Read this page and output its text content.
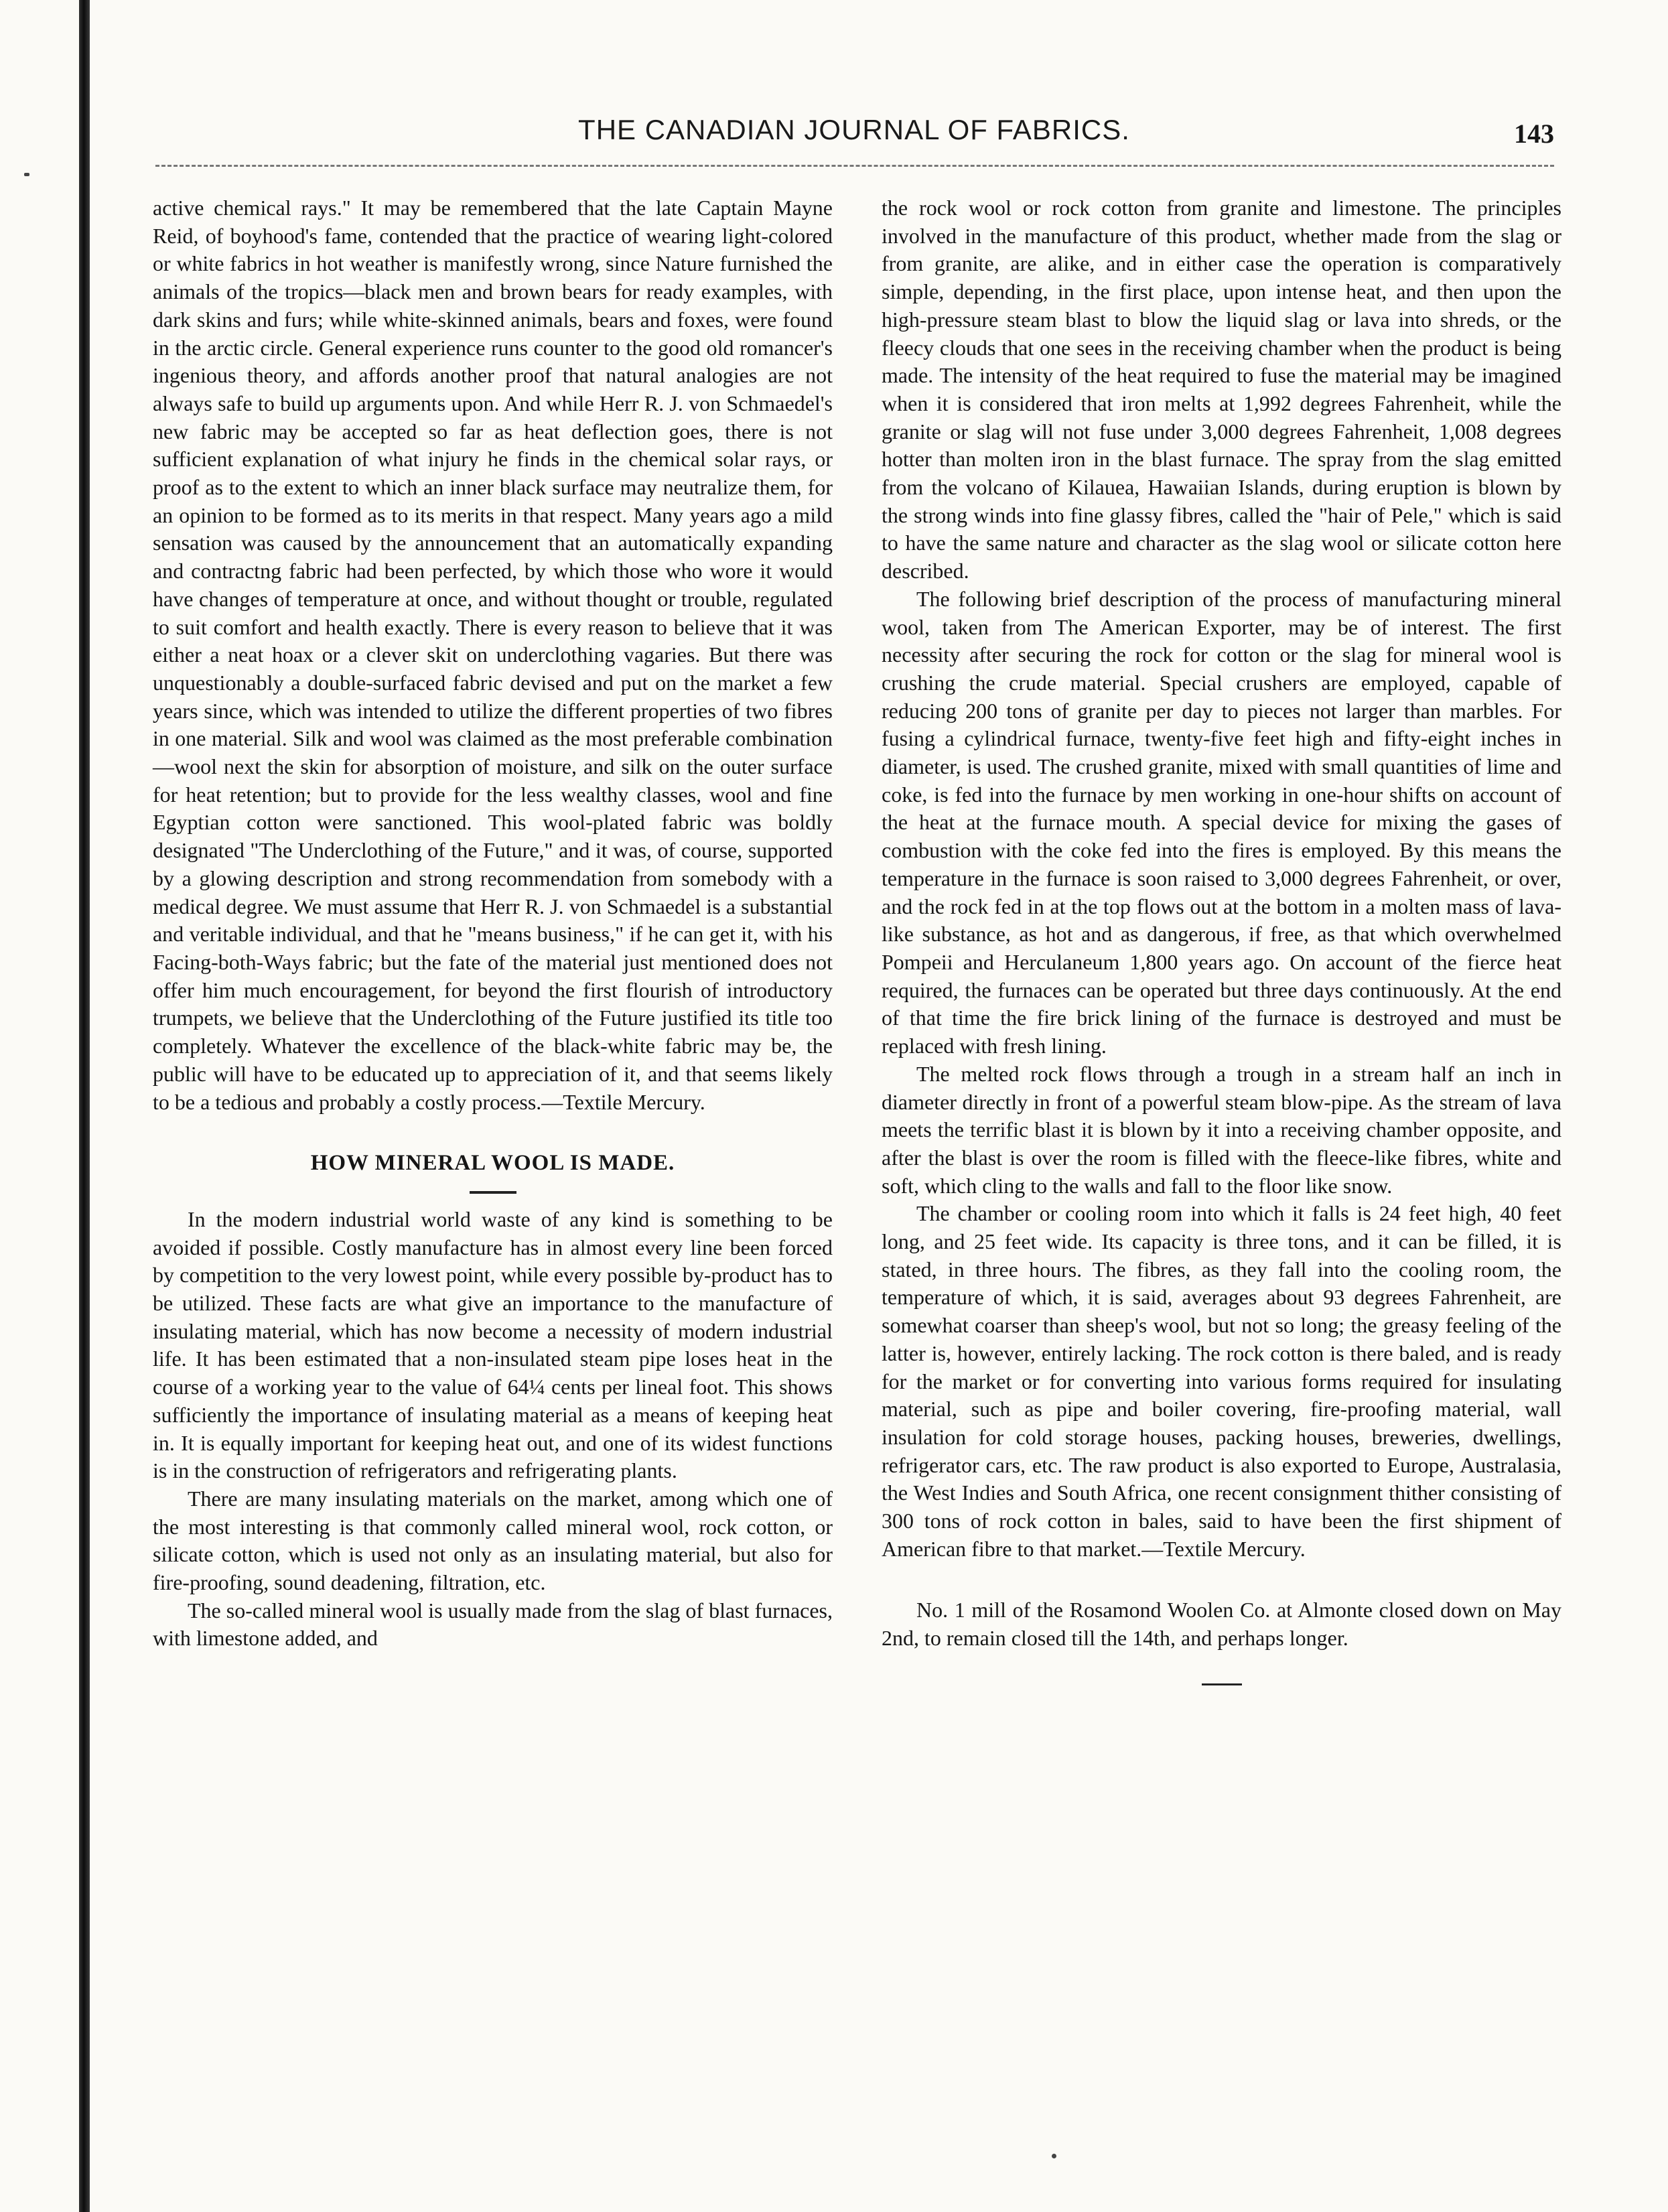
THE CANADIAN JOURNAL OF FABRICS.	143

active chemical rays." It may be remembered that the late Captain Mayne Reid, of boyhood's fame, contended that the practice of wearing light-colored or white fabrics in hot weather is manifestly wrong, since Nature furnished the animals of the tropics—black men and brown bears for ready examples, with dark skins and furs; while white-skinned animals, bears and foxes, were found in the arctic circle. General experience runs counter to the good old romancer's ingenious theory, and affords another proof that natural analogies are not always safe to build up arguments upon. And while Herr R. J. von Schmaedel's new fabric may be accepted so far as heat deflection goes, there is not sufficient explanation of what injury he finds in the chemical solar rays, or proof as to the extent to which an inner black surface may neutralize them, for an opinion to be formed as to its merits in that respect. Many years ago a mild sensation was caused by the announcement that an automatically expanding and contractng fabric had been perfected, by which those who wore it would have changes of temperature at once, and without thought or trouble, regulated to suit comfort and health exactly. There is every reason to believe that it was either a neat hoax or a clever skit on underclothing vagaries. But there was unquestionably a double-surfaced fabric devised and put on the market a few years since, which was intended to utilize the different properties of two fibres in one material. Silk and wool was claimed as the most preferable combination—wool next the skin for absorption of moisture, and silk on the outer surface for heat retention; but to provide for the less wealthy classes, wool and fine Egyptian cotton were sanctioned. This wool-plated fabric was boldly designated "The Underclothing of the Future," and it was, of course, supported by a glowing description and strong recommendation from somebody with a medical degree. We must assume that Herr R. J. von Schmaedel is a substantial and veritable individual, and that he "means business," if he can get it, with his Facing-both-Ways fabric; but the fate of the material just mentioned does not offer him much encouragement, for beyond the first flourish of introductory trumpets, we believe that the Underclothing of the Future justified its title too completely. Whatever the excellence of the black-white fabric may be, the public will have to be educated up to appreciation of it, and that seems likely to be a tedious and probably a costly process.—Textile Mercury.

HOW MINERAL WOOL IS MADE.

In the modern industrial world waste of any kind is something to be avoided if possible. Costly manufacture has in almost every line been forced by competition to the very lowest point, while every possible by-product has to be utilized. These facts are what give an importance to the manufacture of insulating material, which has now become a necessity of modern industrial life. It has been estimated that a non-insulated steam pipe loses heat in the course of a working year to the value of 64¼ cents per lineal foot. This shows sufficiently the importance of insulating material as a means of keeping heat in. It is equally important for keeping heat out, and one of its widest functions is in the construction of refrigerators and refrigerating plants.

There are many insulating materials on the market, among which one of the most interesting is that commonly called mineral wool, rock cotton, or silicate cotton, which is used not only as an insulating material, but also for fire-proofing, sound deadening, filtration, etc.

The so-called mineral wool is usually made from the slag of blast furnaces, with limestone added, and

the rock wool or rock cotton from granite and limestone. The principles involved in the manufacture of this product, whether made from the slag or from granite, are alike, and in either case the operation is comparatively simple, depending, in the first place, upon intense heat, and then upon the high-pressure steam blast to blow the liquid slag or lava into shreds, or the fleecy clouds that one sees in the receiving chamber when the product is being made. The intensity of the heat required to fuse the material may be imagined when it is considered that iron melts at 1,992 degrees Fahrenheit, while the granite or slag will not fuse under 3,000 degrees Fahrenheit, 1,008 degrees hotter than molten iron in the blast furnace. The spray from the slag emitted from the volcano of Kilauea, Hawaiian Islands, during eruption is blown by the strong winds into fine glassy fibres, called the "hair of Pele," which is said to have the same nature and character as the slag wool or silicate cotton here described.

The following brief description of the process of manufacturing mineral wool, taken from The American Exporter, may be of interest. The first necessity after securing the rock for cotton or the slag for mineral wool is crushing the crude material. Special crushers are employed, capable of reducing 200 tons of granite per day to pieces not larger than marbles. For fusing a cylindrical furnace, twenty-five feet high and fifty-eight inches in diameter, is used. The crushed granite, mixed with small quantities of lime and coke, is fed into the furnace by men working in one-hour shifts on account of the heat at the furnace mouth. A special device for mixing the gases of combustion with the coke fed into the fires is employed. By this means the temperature in the furnace is soon raised to 3,000 degrees Fahrenheit, or over, and the rock fed in at the top flows out at the bottom in a molten mass of lava-like substance, as hot and as dangerous, if free, as that which overwhelmed Pompeii and Herculaneum 1,800 years ago. On account of the fierce heat required, the furnaces can be operated but three days continuously. At the end of that time the fire brick lining of the furnace is destroyed and must be replaced with fresh lining.

The melted rock flows through a trough in a stream half an inch in diameter directly in front of a powerful steam blow-pipe. As the stream of lava meets the terrific blast it is blown by it into a receiving chamber opposite, and after the blast is over the room is filled with the fleece-like fibres, white and soft, which cling to the walls and fall to the floor like snow.

The chamber or cooling room into which it falls is 24 feet high, 40 feet long, and 25 feet wide. Its capacity is three tons, and it can be filled, it is stated, in three hours. The fibres, as they fall into the cooling room, the temperature of which, it is said, averages about 93 degrees Fahrenheit, are somewhat coarser than sheep's wool, but not so long; the greasy feeling of the latter is, however, entirely lacking. The rock cotton is there baled, and is ready for the market or for converting into various forms required for insulating material, such as pipe and boiler covering, fire-proofing material, wall insulation for cold storage houses, packing houses, breweries, dwellings, refrigerator cars, etc. The raw product is also exported to Europe, Australasia, the West Indies and South Africa, one recent consignment thither consisting of 300 tons of rock cotton in bales, said to have been the first shipment of American fibre to that market.—Textile Mercury.

No. 1 mill of the Rosamond Woolen Co. at Almonte closed down on May 2nd, to remain closed till the 14th, and perhaps longer.
